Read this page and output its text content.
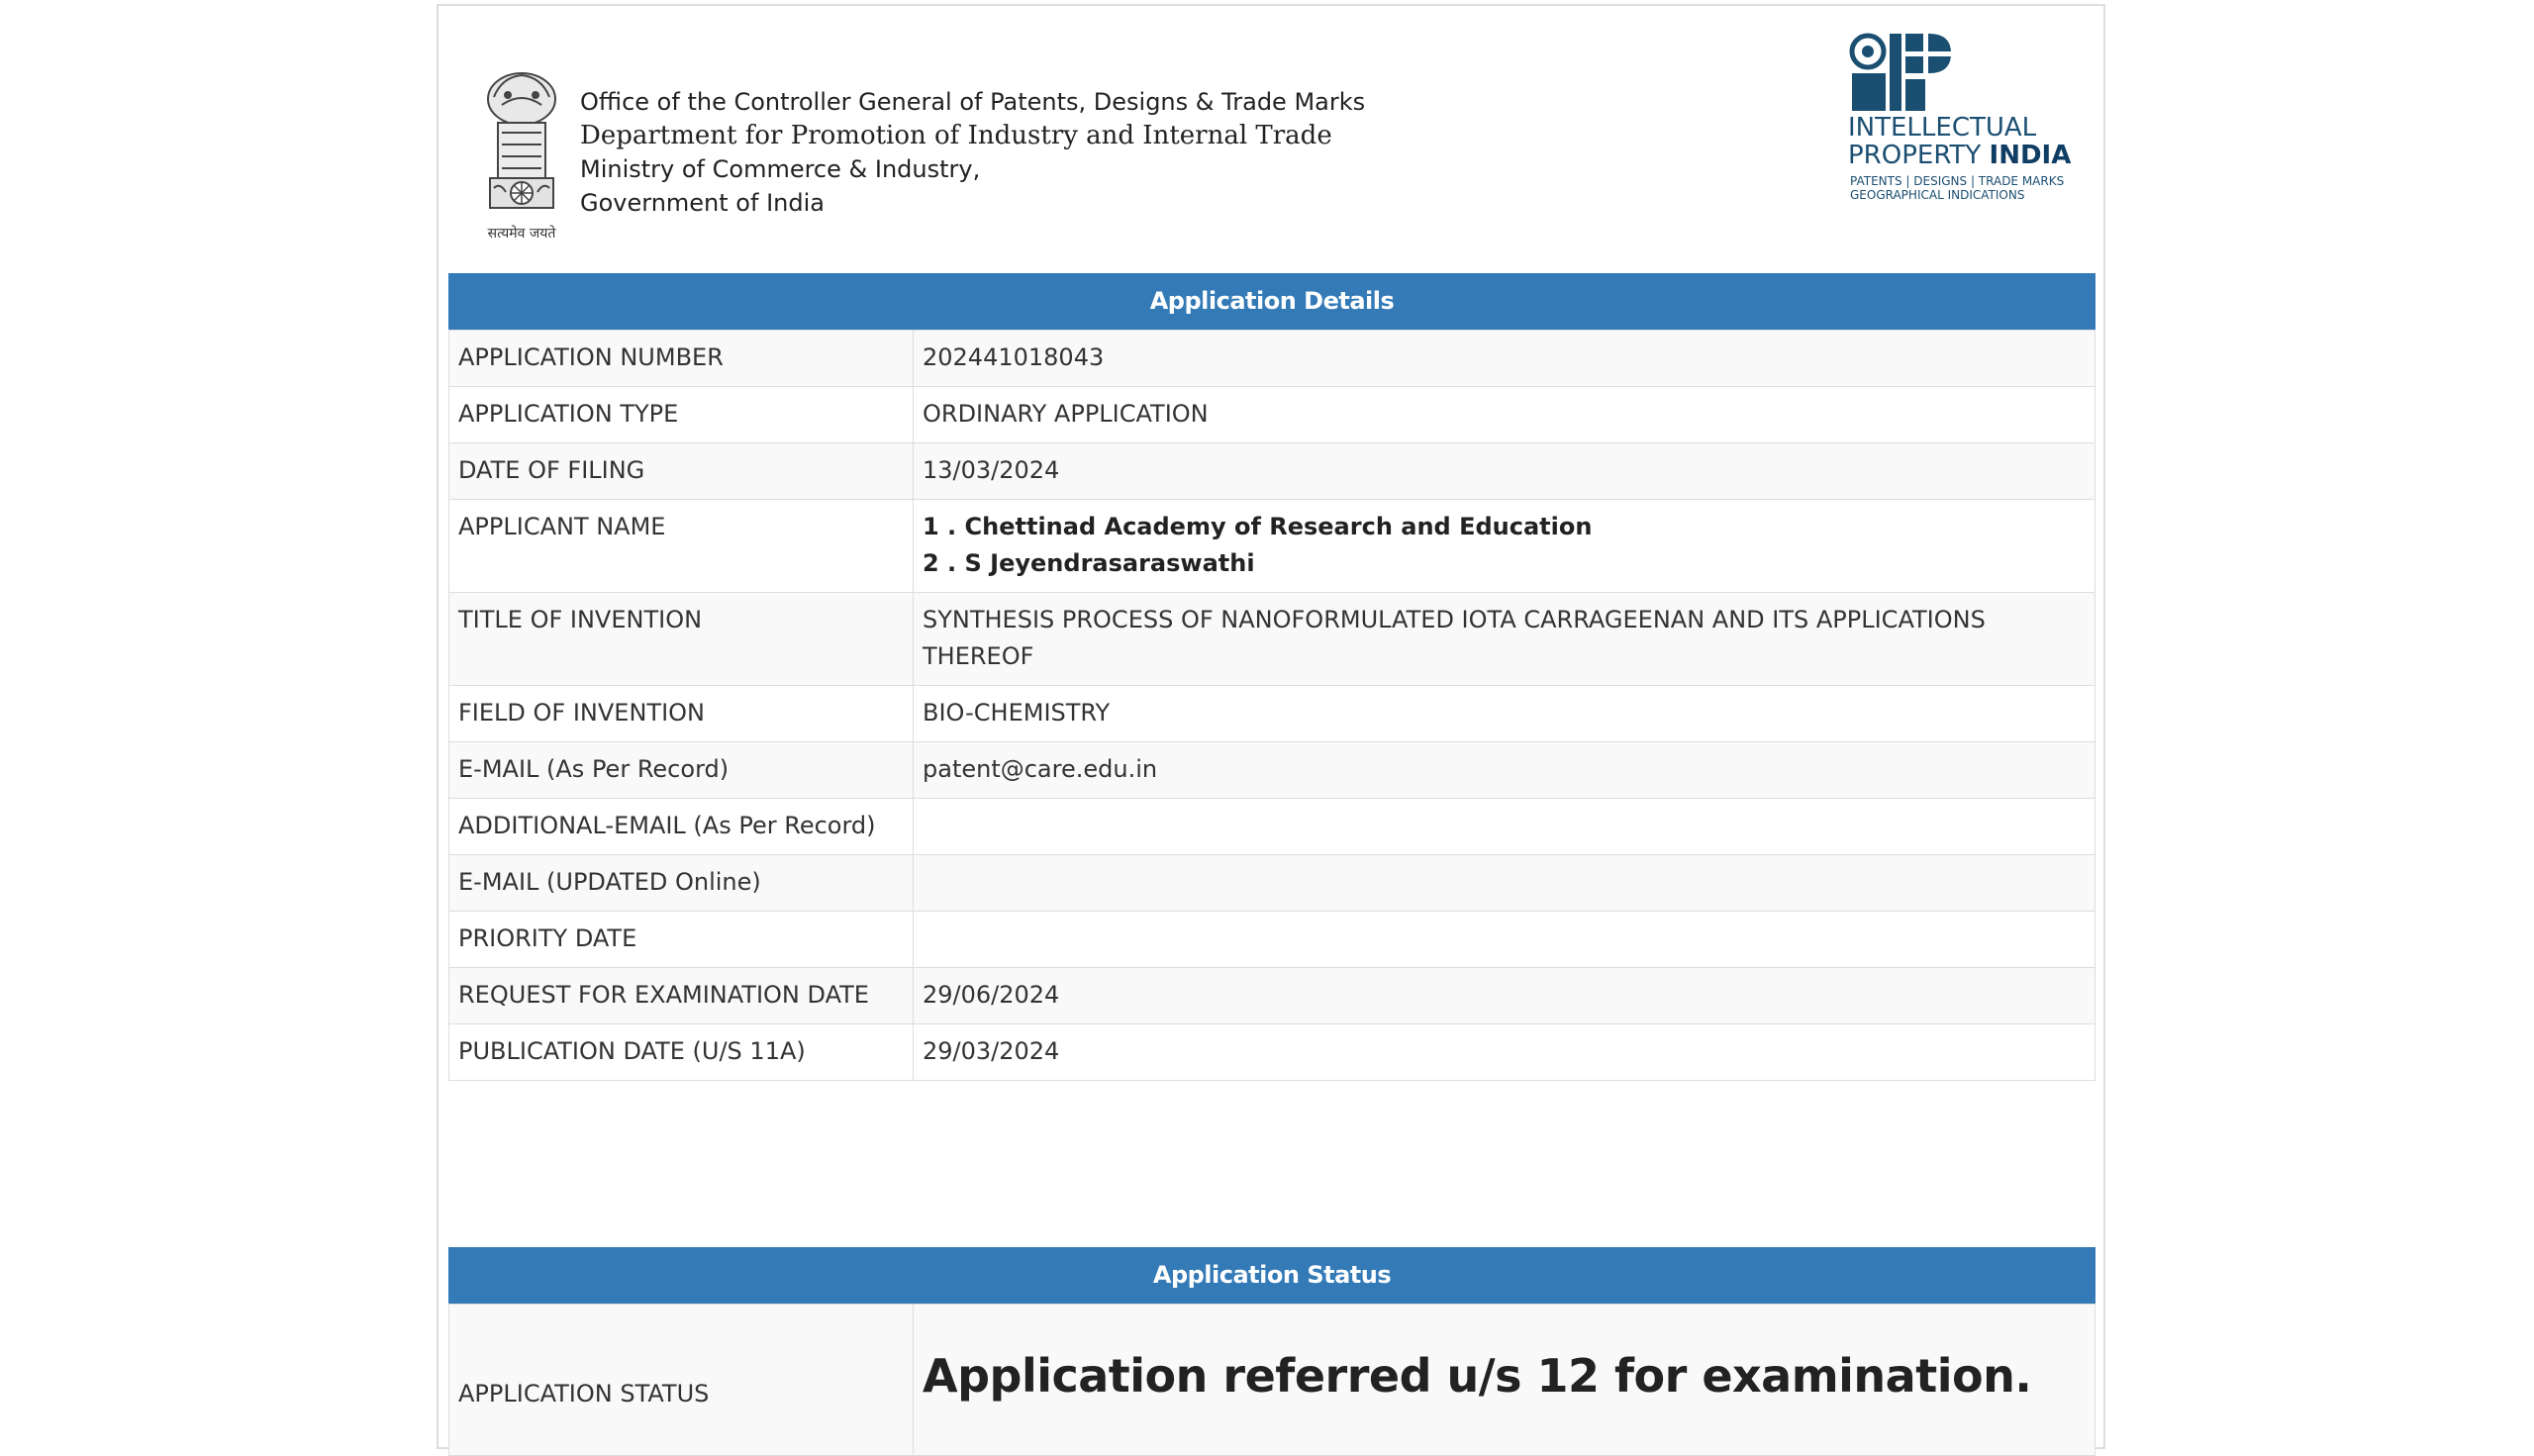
सत्यमेव जयते
Office of the Controller General of Patents, Designs & Trade Marks
Department for Promotion of Industry and Internal Trade
Ministry of Commerce & Industry,
Government of India
INTELLECTUAL
PROPERTY INDIA
PATENTS | DESIGNS | TRADE MARKS
GEOGRAPHICAL INDICATIONS
Application Details
APPLICATION NUMBER	202441018043
APPLICATION TYPE	ORDINARY APPLICATION
DATE OF FILING	13/03/2024
APPLICANT NAME	1 . Chettinad Academy of Research and Education
2 . S Jeyendrasaraswathi

TITLE OF INVENTION	SYNTHESIS PROCESS OF NANOFORMULATED IOTA CARRAGEENAN AND ITS APPLICATIONS THEREOF
FIELD OF INVENTION	BIO-CHEMISTRY
E-MAIL (As Per Record)	patent@care.edu.in
ADDITIONAL-EMAIL (As Per Record)	
E-MAIL (UPDATED Online)	
PRIORITY DATE	
REQUEST FOR EXAMINATION DATE	29/06/2024
PUBLICATION DATE (U/S 11A)	29/03/2024
Application Status
APPLICATION STATUS	Application referred u/s 12 for examination.
